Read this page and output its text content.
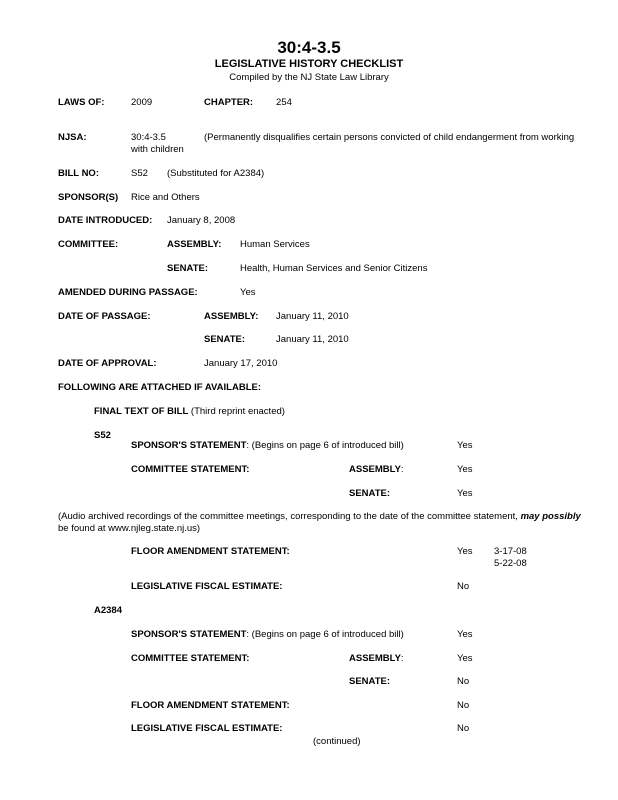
30:4-3.5
LEGISLATIVE HISTORY CHECKLIST
Compiled by the NJ State Law Library
LAWS OF:	2009	CHAPTER: 254
NJSA:	30:4-3.5	(Permanently disqualifies certain persons convicted of child endangerment from working
with children
BILL NO:	S52 (Substituted for A2384)
SPONSOR(S) Rice and Others
DATE INTRODUCED: January 8, 2008
COMMITTEE:	ASSEMBLY: Human Services
SENATE:	Health, Human Services and Senior Citizens
AMENDED DURING PASSAGE:	Yes
DATE OF PASSAGE:	ASSEMBLY: January 11, 2010
SENATE:	January 11, 2010
DATE OF APPROVAL:	January 17, 2010
FOLLOWING ARE ATTACHED IF AVAILABLE:
FINAL TEXT OF BILL (Third reprint enacted)
S52
SPONSOR'S STATEMENT: (Begins on page 6 of introduced bill)	Yes
COMMITTEE STATEMENT:	ASSEMBLY:	Yes
SENATE:	Yes
(Audio archived recordings of the committee meetings, corresponding to the date of the committee statement, may possibly
be found at www.njleg.state.nj.us)
FLOOR AMENDMENT STATEMENT:	Yes 3-17-08
5-22-08
LEGISLATIVE FISCAL ESTIMATE:	No
A2384
SPONSOR'S STATEMENT: (Begins on page 6 of introduced bill)	Yes
COMMITTEE STATEMENT:	ASSEMBLY:	Yes
SENATE:	No
FLOOR AMENDMENT STATEMENT:	No
LEGISLATIVE FISCAL ESTIMATE:	No
(continued)
